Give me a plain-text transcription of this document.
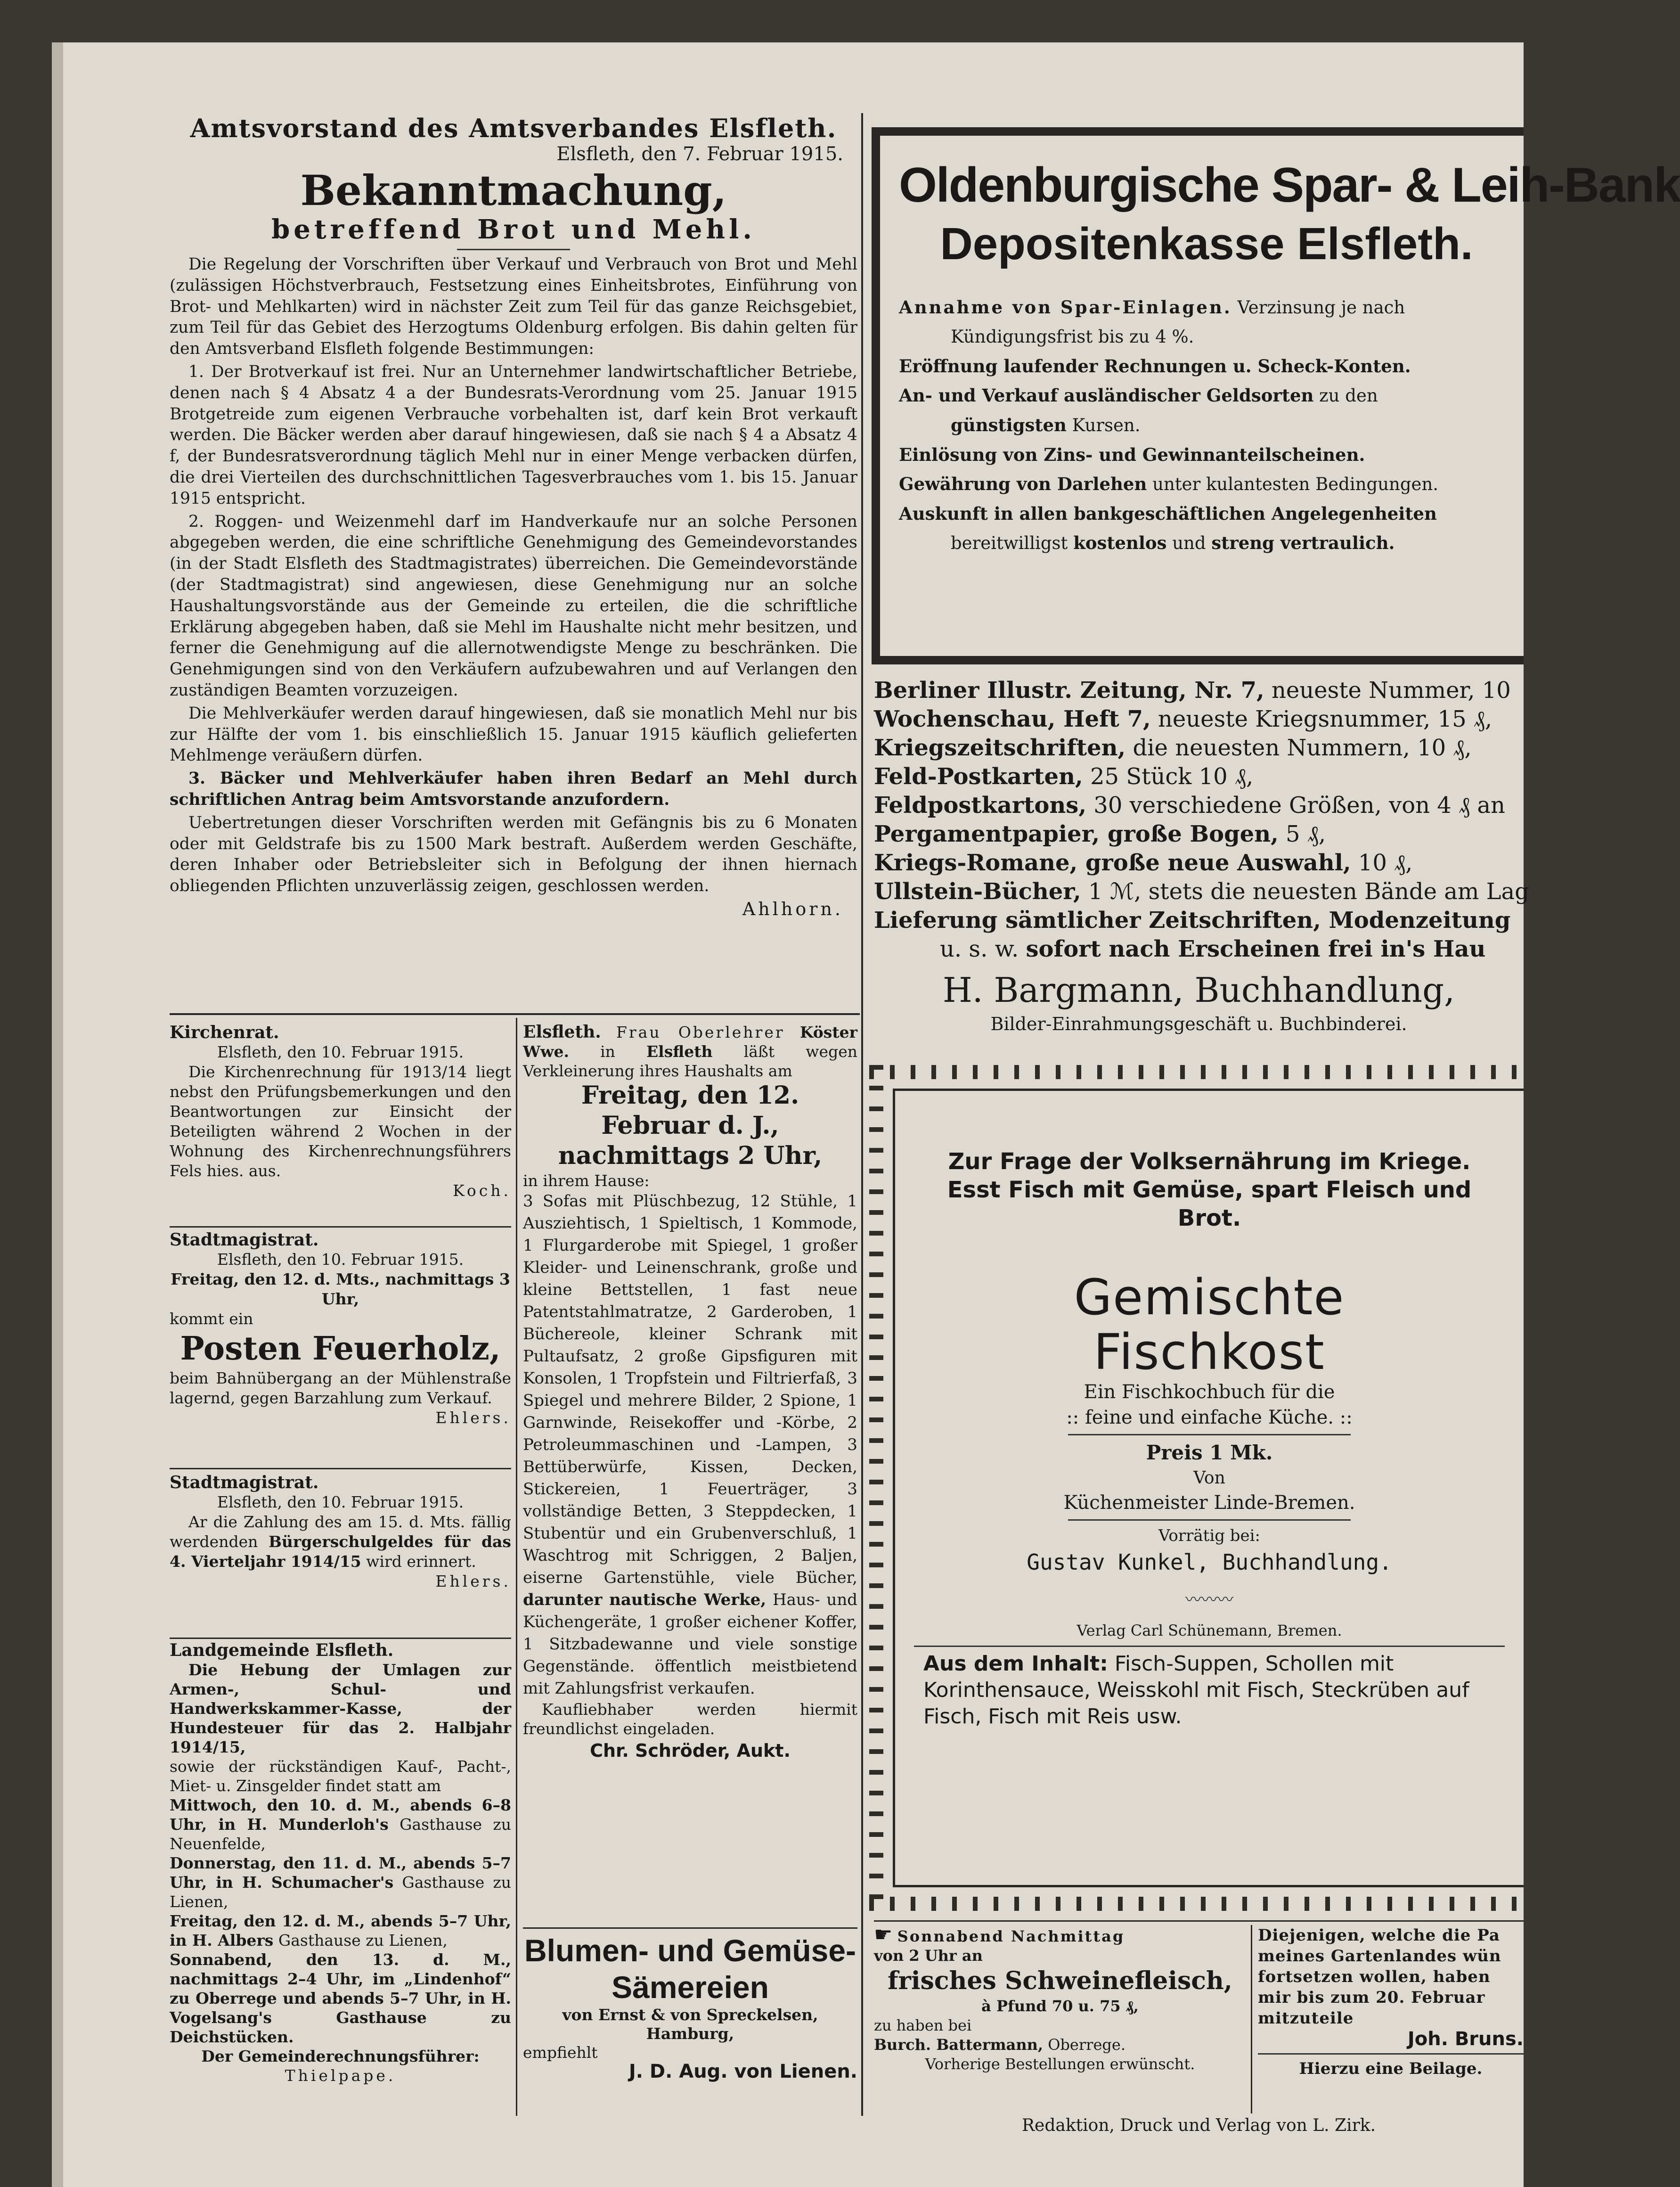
Amtsvorstand des Amtsverbandes Elsfleth.
Elsfleth, den 7. Februar 1915.
Bekanntmachung,
betreffend Brot und Mehl.

Die Regelung der Vorschriften über Verkauf und Verbrauch von Brot und Mehl (zulässigen Höchstverbrauch, Festsetzung eines Einheitsbrotes, Einführung von Brot- und Mehlkarten) wird in nächster Zeit zum Teil für das ganze Reichsgebiet, zum Teil für das Gebiet des Herzogtums Oldenburg erfolgen. Bis dahin gelten für den Amtsverband Elsfleth folgende Bestimmungen:

1. Der Brotverkauf ist frei. Nur an Unternehmer landwirtschaftlicher Betriebe, denen nach § 4 Absatz 4 a der Bundesrats-Verordnung vom 25. Januar 1915 Brotgetreide zum eigenen Verbrauche vorbehalten ist, darf kein Brot verkauft werden. Die Bäcker werden aber darauf hingewiesen, daß sie nach § 4 a Absatz 4 f, der Bundesratsverordnung täglich Mehl nur in einer Menge verbacken dürfen, die drei Vierteilen des durchschnittlichen Tagesverbrauches vom 1. bis 15. Januar 1915 entspricht.

2. Roggen- und Weizenmehl darf im Handverkaufe nur an solche Personen abgegeben werden, die eine schriftliche Genehmigung des Gemeindevorstandes (in der Stadt Elsfleth des Stadtmagistrates) überreichen. Die Gemeindevorstände (der Stadtmagistrat) sind angewiesen, diese Genehmigung nur an solche Haushaltungsvorstände aus der Gemeinde zu erteilen, die die schriftliche Erklärung abgegeben haben, daß sie Mehl im Haushalte nicht mehr besitzen, und ferner die Genehmigung auf die allernotwendigste Menge zu beschränken. Die Genehmigungen sind von den Verkäufern aufzubewahren und auf Verlangen den zuständigen Beamten vorzuzeigen.

Die Mehlverkäufer werden darauf hingewiesen, daß sie monatlich Mehl nur bis zur Hälfte der vom 1. bis einschließlich 15. Januar 1915 käuflich gelieferten Mehlmenge veräußern dürfen.

3. Bäcker und Mehlverkäufer haben ihren Bedarf an Mehl durch schriftlichen Antrag beim Amtsvorstande anzufordern.

Uebertretungen dieser Vorschriften werden mit Gefängnis bis zu 6 Monaten oder mit Geldstrafe bis zu 1500 Mark bestraft. Außerdem werden Geschäfte, deren Inhaber oder Betriebsleiter sich in Befolgung der ihnen hiernach obliegenden Pflichten unzuverlässig zeigen, geschlossen werden.

Ahlhorn.
Kirchenrat.
Elsfleth, den 10. Februar 1915.
Die Kirchenrechnung für 1913/14 liegt nebst den Prüfungsbemerkungen und den Beantwortungen zur Einsicht der Beteiligten während 2 Wochen in der Wohnung des Kirchenrechnungsführers Fels hies. aus.
Koch.
Stadtmagistrat.
Elsfleth, den 10. Februar 1915.
Freitag, den 12. d. Mts., nachmittags 3 Uhr,
kommt ein
Posten Feuerholz,
beim Bahnübergang an der Mühlenstraße lagernd, gegen Barzahlung zum Verkauf.
Ehlers.
Stadtmagistrat.
Elsfleth, den 10. Februar 1915.
Ar die Zahlung des am 15. d. Mts. fällig werdenden Bürgerschulgeldes für das 4. Vierteljahr 1914/15 wird erinnert.
Ehlers.
Landgemeinde Elsfleth.
Die Hebung der Umlagen zur Armen-, Schul- und Handwerkskammer-Kasse, der Hundesteuer für das 2. Halbjahr 1914/15,
sowie der rückständigen Kauf-, Pacht-, Miet- u. Zinsgelder findet statt am
Mittwoch, den 10. d. M., abends 6–8 Uhr, in H. Munderloh's Gasthause zu Neuenfelde,
Donnerstag, den 11. d. M., abends 5–7 Uhr, in H. Schumacher's Gasthause zu Lienen,
Freitag, den 12. d. M., abends 5–7 Uhr, in H. Albers Gasthause zu Lienen,
Sonnabend, den 13. d. M., nachmittags 2–4 Uhr, im „Lindenhof“ zu Oberrege und abends 5–7 Uhr, in H. Vogelsang's Gasthause zu Deichstücken.
Der Gemeinderechnungsführer:
Thielpape.
Elsfleth. Frau Oberlehrer Köster Wwe. in Elsfleth läßt wegen Verkleinerung ihres Haushalts am
Freitag, den 12. Februar d. J., nachmittags 2 Uhr,
in ihrem Hause:
3 Sofas mit Plüschbezug, 12 Stühle, 1 Ausziehtisch, 1 Spieltisch, 1 Kommode, 1 Flurgarderobe mit Spiegel, 1 großer Kleider- und Leinenschrank, große und kleine Bettstellen, 1 fast neue Patentstahlmatratze, 2 Garderoben, 1 Büchereole, kleiner Schrank mit Pultaufsatz, 2 große Gipsfiguren mit Konsolen, 1 Tropfstein und Filtrierfaß, 3 Spiegel und mehrere Bilder, 2 Spione, 1 Garnwinde, Reisekoffer und -Körbe, 2 Petroleummaschinen und -Lampen, 3 Bettüberwürfe, Kissen, Decken, Stickereien, 1 Feuerträger, 3 vollständige Betten, 3 Steppdecken, 1 Stubentür und ein Grubenverschluß, 1 Waschtrog mit Schriggen, 2 Baljen, eiserne Gartenstühle, viele Bücher, darunter nautische Werke, Haus- und Küchengeräte, 1 großer eichener Koffer, 1 Sitzbadewanne und viele sonstige Gegenstände. öffentlich meistbietend mit Zahlungsfrist verkaufen.
Kaufliebhaber werden hiermit freundlichst eingeladen.
Chr. Schröder, Aukt.
Blumen- und Gemüse-Sämereien
von Ernst & von Spreckelsen, Hamburg,
empfiehlt
J. D. Aug. von Lienen.
Oldenburgische Spar- & Leih-Bank
Depositenkasse Elsfleth.
Annahme von Spar-Einlagen. Verzinsung je nach
Kündigungsfrist bis zu 4 %.
Eröffnung laufender Rechnungen u. Scheck-Konten.
An- und Verkauf ausländischer Geldsorten zu den
günstigsten Kursen.
Einlösung von Zins- und Gewinnanteilscheinen.
Gewährung von Darlehen unter kulantesten Bedingungen.
Auskunft in allen bankgeschäftlichen Angelegenheiten
bereitwilligst kostenlos und streng vertraulich.
Berliner Illustr. Zeitung, Nr. 7, neueste Nummer, 10
Wochenschau, Heft 7, neueste Kriegsnummer, 15 ₰,
Kriegszeitschriften, die neuesten Nummern, 10 ₰,
Feld-Postkarten, 25 Stück 10 ₰,
Feldpostkartons, 30 verschiedene Größen, von 4 ₰ an
Pergamentpapier, große Bogen, 5 ₰,
Kriegs-Romane, große neue Auswahl, 10 ₰,
Ullstein-Bücher, 1 ℳ, stets die neuesten Bände am Lag
Lieferung sämtlicher Zeitschriften, Modenzeitung
u. s. w. sofort nach Erscheinen frei in's Hau
H. Bargmann, Buchhandlung,
Bilder-Einrahmungsgeschäft u. Buchbinderei.
Zur Frage der Volksernährung im Kriege. Esst Fisch mit Gemüse, spart Fleisch und Brot.
Gemischte
Fischkost
Ein Fischkochbuch für die
:: feine und einfache Küche. ::
Preis 1 Mk.
Von
Küchenmeister Linde-Bremen.
Vorrätig bei:
Gustav Kunkel, Buchhandlung.
〰〰〰
Verlag Carl Schünemann, Bremen.
Aus dem Inhalt: Fisch-Suppen, Schollen mit Korinthensauce, Weisskohl mit Fisch, Steckrüben auf Fisch, Fisch mit Reis usw.
☛ Sonnabend Nachmittag
von 2 Uhr an
frisches Schweinefleisch,
à Pfund 70 u. 75 ₰,
zu haben bei
Burch. Battermann, Oberrege.
Vorherige Bestellungen erwünscht.
Diejenigen, welche die Pa meines Gartenlandes wün fortsetzen wollen, haben mir bis zum 20. Februar mitzuteile
Joh. Bruns.
Hierzu eine Beilage.
Redaktion, Druck und Verlag von L. Zirk.
